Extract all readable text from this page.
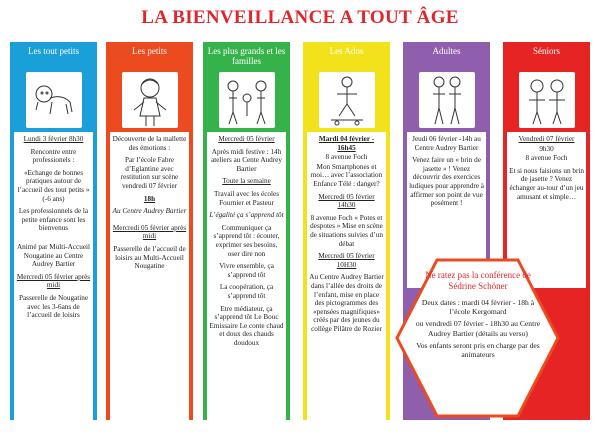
LA BIENVEILLANCE A TOUT ÂGE
Les tout petits

Lundi 3 février 8h30

Rencontre entre professionels :

«Echange de bonnes pratiques autour de l’accueil des tout petits » (-6 ans)

Les professionnels de la petite enfance sont les bienvenus

Animé par Multi-Accueil Nougatine au Centre Audrey Bartier

Mercredi 05 février après midi

Passerelle de Nougatine avec les 3-6ans de l’accueil de loisirs

Les petits

Découverte de la mallette des émotions :

Par l’école Fabre d’Eglantine avec restitution sur scène vendredi 07 février

18h

Au Centre Audrey Bartier

Mercredi 05 février après midi

Passerelle de l’accueil de loisirs au Multi-Accueil Nougatine

Les plus grands et les familles

Mercredi 05 février

Après midi festive : 14h ateliers au Cente Audrey Bartier

Toute la semaine

Travail avec les écoles Fournier et Pasteur

L’égalité ça s’apprend tôt

Communiquer ça s’apprend tôt : écouter, exprimer ses besoins, oser dire non

Vivre ensemble, ça s’apprend tôt

La coopération, ça s’apprend tôt

Etre médiateur, ça s’apprend tôt Le Bouc Emissaire Le conte chaud et doux des chauds doudoux

Les Ados

Mardi 04 février - 16h45

8 avenue Foch

Mon Smartphones et moi… avec l’association Enfance Télé : danger?

Mercredi 05 février 14h30

8 avenue Foch « Potes et despotes » Mise en scène de situations suivies d’un débat

Mercredi 05 février 10H30

Au Centre Audrey Bartier dans l’allée des droits de l’enfant, mise en place des pictogrammes des «pensées magnifiques» créés par des jeunes du collège Pilâtre de Rozier

Adultes

Jeudi 06 février -14h au Centre Audrey Bartier

Venez faire un « brin de jasette » ! Venez découvrir des exercices ludiques pour apprendre à affirmer son point de vue posément !

Séniors

Vendredi 07 février

9h30

8 avenue Foch

Et si nous faisions un brin de jasette ? Venez échanger au-tour d’un jeu amusant et simple…

Ne ratez pas la conférence de Sédrine Schöner
Deux dates : mardi 04 février - 18h à l’école Kergomard
ou vendredi 07 février - 18h30 au Centre Audrey Bartier (détails au verso)
Vos enfants seront pris en charge par des animateurs
